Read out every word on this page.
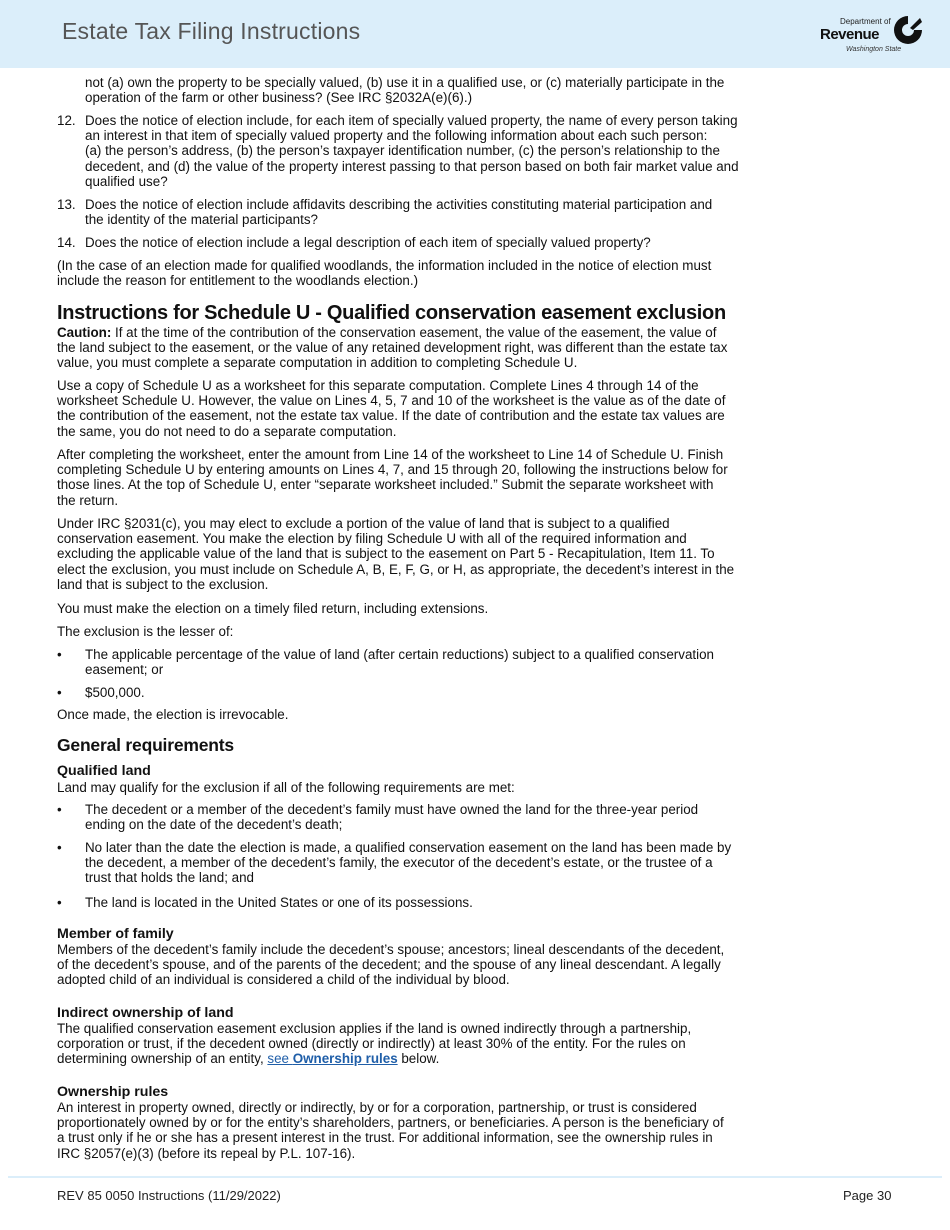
Estate Tax Filing Instructions	Department of
Revenue
Washington State
not (a) own the property to be specially valued, (b) use it in a qualified use, or (c) materially participate in the
operation of the farm or other business? (See IRC §2032A(e)(6).)
12. Does the notice of election include, for each item of specially valued property, the name of every person taking
an interest in that item of specially valued property and the following information about each such person:
(a) the person’s address, (b) the person’s taxpayer identification number, (c) the person’s relationship to the
decedent, and (d) the value of the property interest passing to that person based on both fair market value and
qualified use?
13. Does the notice of election include affidavits describing the activities constituting material participation and
the identity of the material participants?
14. Does the notice of election include a legal description of each item of specially valued property?
(In the case of an election made for qualified woodlands, the information included in the notice of election must
include the reason for entitlement to the woodlands election.)
Instructions for Schedule U - Qualified conservation easement exclusion
Caution: If at the time of the contribution of the conservation easement, the value of the easement, the value of
the land subject to the easement, or the value of any retained development right, was different than the estate tax
value, you must complete a separate computation in addition to completing Schedule U.
Use a copy of Schedule U as a worksheet for this separate computation. Complete Lines 4 through 14 of the
worksheet Schedule U. However, the value on Lines 4, 5, 7 and 10 of the worksheet is the value as of the date of
the contribution of the easement, not the estate tax value. If the date of contribution and the estate tax values are
the same, you do not need to do a separate computation.
After completing the worksheet, enter the amount from Line 14 of the worksheet to Line 14 of Schedule U. Finish
completing Schedule U by entering amounts on Lines 4, 7, and 15 through 20, following the instructions below for
those lines. At the top of Schedule U, enter “separate worksheet included.” Submit the separate worksheet with
the return.
Under IRC §2031(c), you may elect to exclude a portion of the value of land that is subject to a qualified
conservation easement. You make the election by filing Schedule U with all of the required information and
excluding the applicable value of the land that is subject to the easement on Part 5 - Recapitulation, Item 11. To
elect the exclusion, you must include on Schedule A, B, E, F, G, or H, as appropriate, the decedent’s interest in the
land that is subject to the exclusion.
You must make the election on a timely filed return, including extensions.
The exclusion is the lesser of:
• The applicable percentage of the value of land (after certain reductions) subject to a qualified conservation
easement; or
• $500,000.
Once made, the election is irrevocable.
General requirements
Qualified land
Land may qualify for the exclusion if all of the following requirements are met:
• The decedent or a member of the decedent’s family must have owned the land for the three-year period
ending on the date of the decedent’s death;
• No later than the date the election is made, a qualified conservation easement on the land has been made by
the decedent, a member of the decedent’s family, the executor of the decedent’s estate, or the trustee of a
trust that holds the land; and
• The land is located in the United States or one of its possessions.
Member of family
Members of the decedent’s family include the decedent’s spouse; ancestors; lineal descendants of the decedent,
of the decedent’s spouse, and of the parents of the decedent; and the spouse of any lineal descendant. A legally
adopted child of an individual is considered a child of the individual by blood.
Indirect ownership of land
The qualified conservation easement exclusion applies if the land is owned indirectly through a partnership,
corporation or trust, if the decedent owned (directly or indirectly) at least 30% of the entity. For the rules on
determining ownership of an entity, see Ownership rules below.
Ownership rules
An interest in property owned, directly or indirectly, by or for a corporation, partnership, or trust is considered
proportionately owned by or for the entity’s shareholders, partners, or beneficiaries. A person is the beneficiary of
a trust only if he or she has a present interest in the trust. For additional information, see the ownership rules in
IRC §2057(e)(3) (before its repeal by P.L. 107-16).
REV 85 0050 Instructions (11/29/2022)	Page 30
